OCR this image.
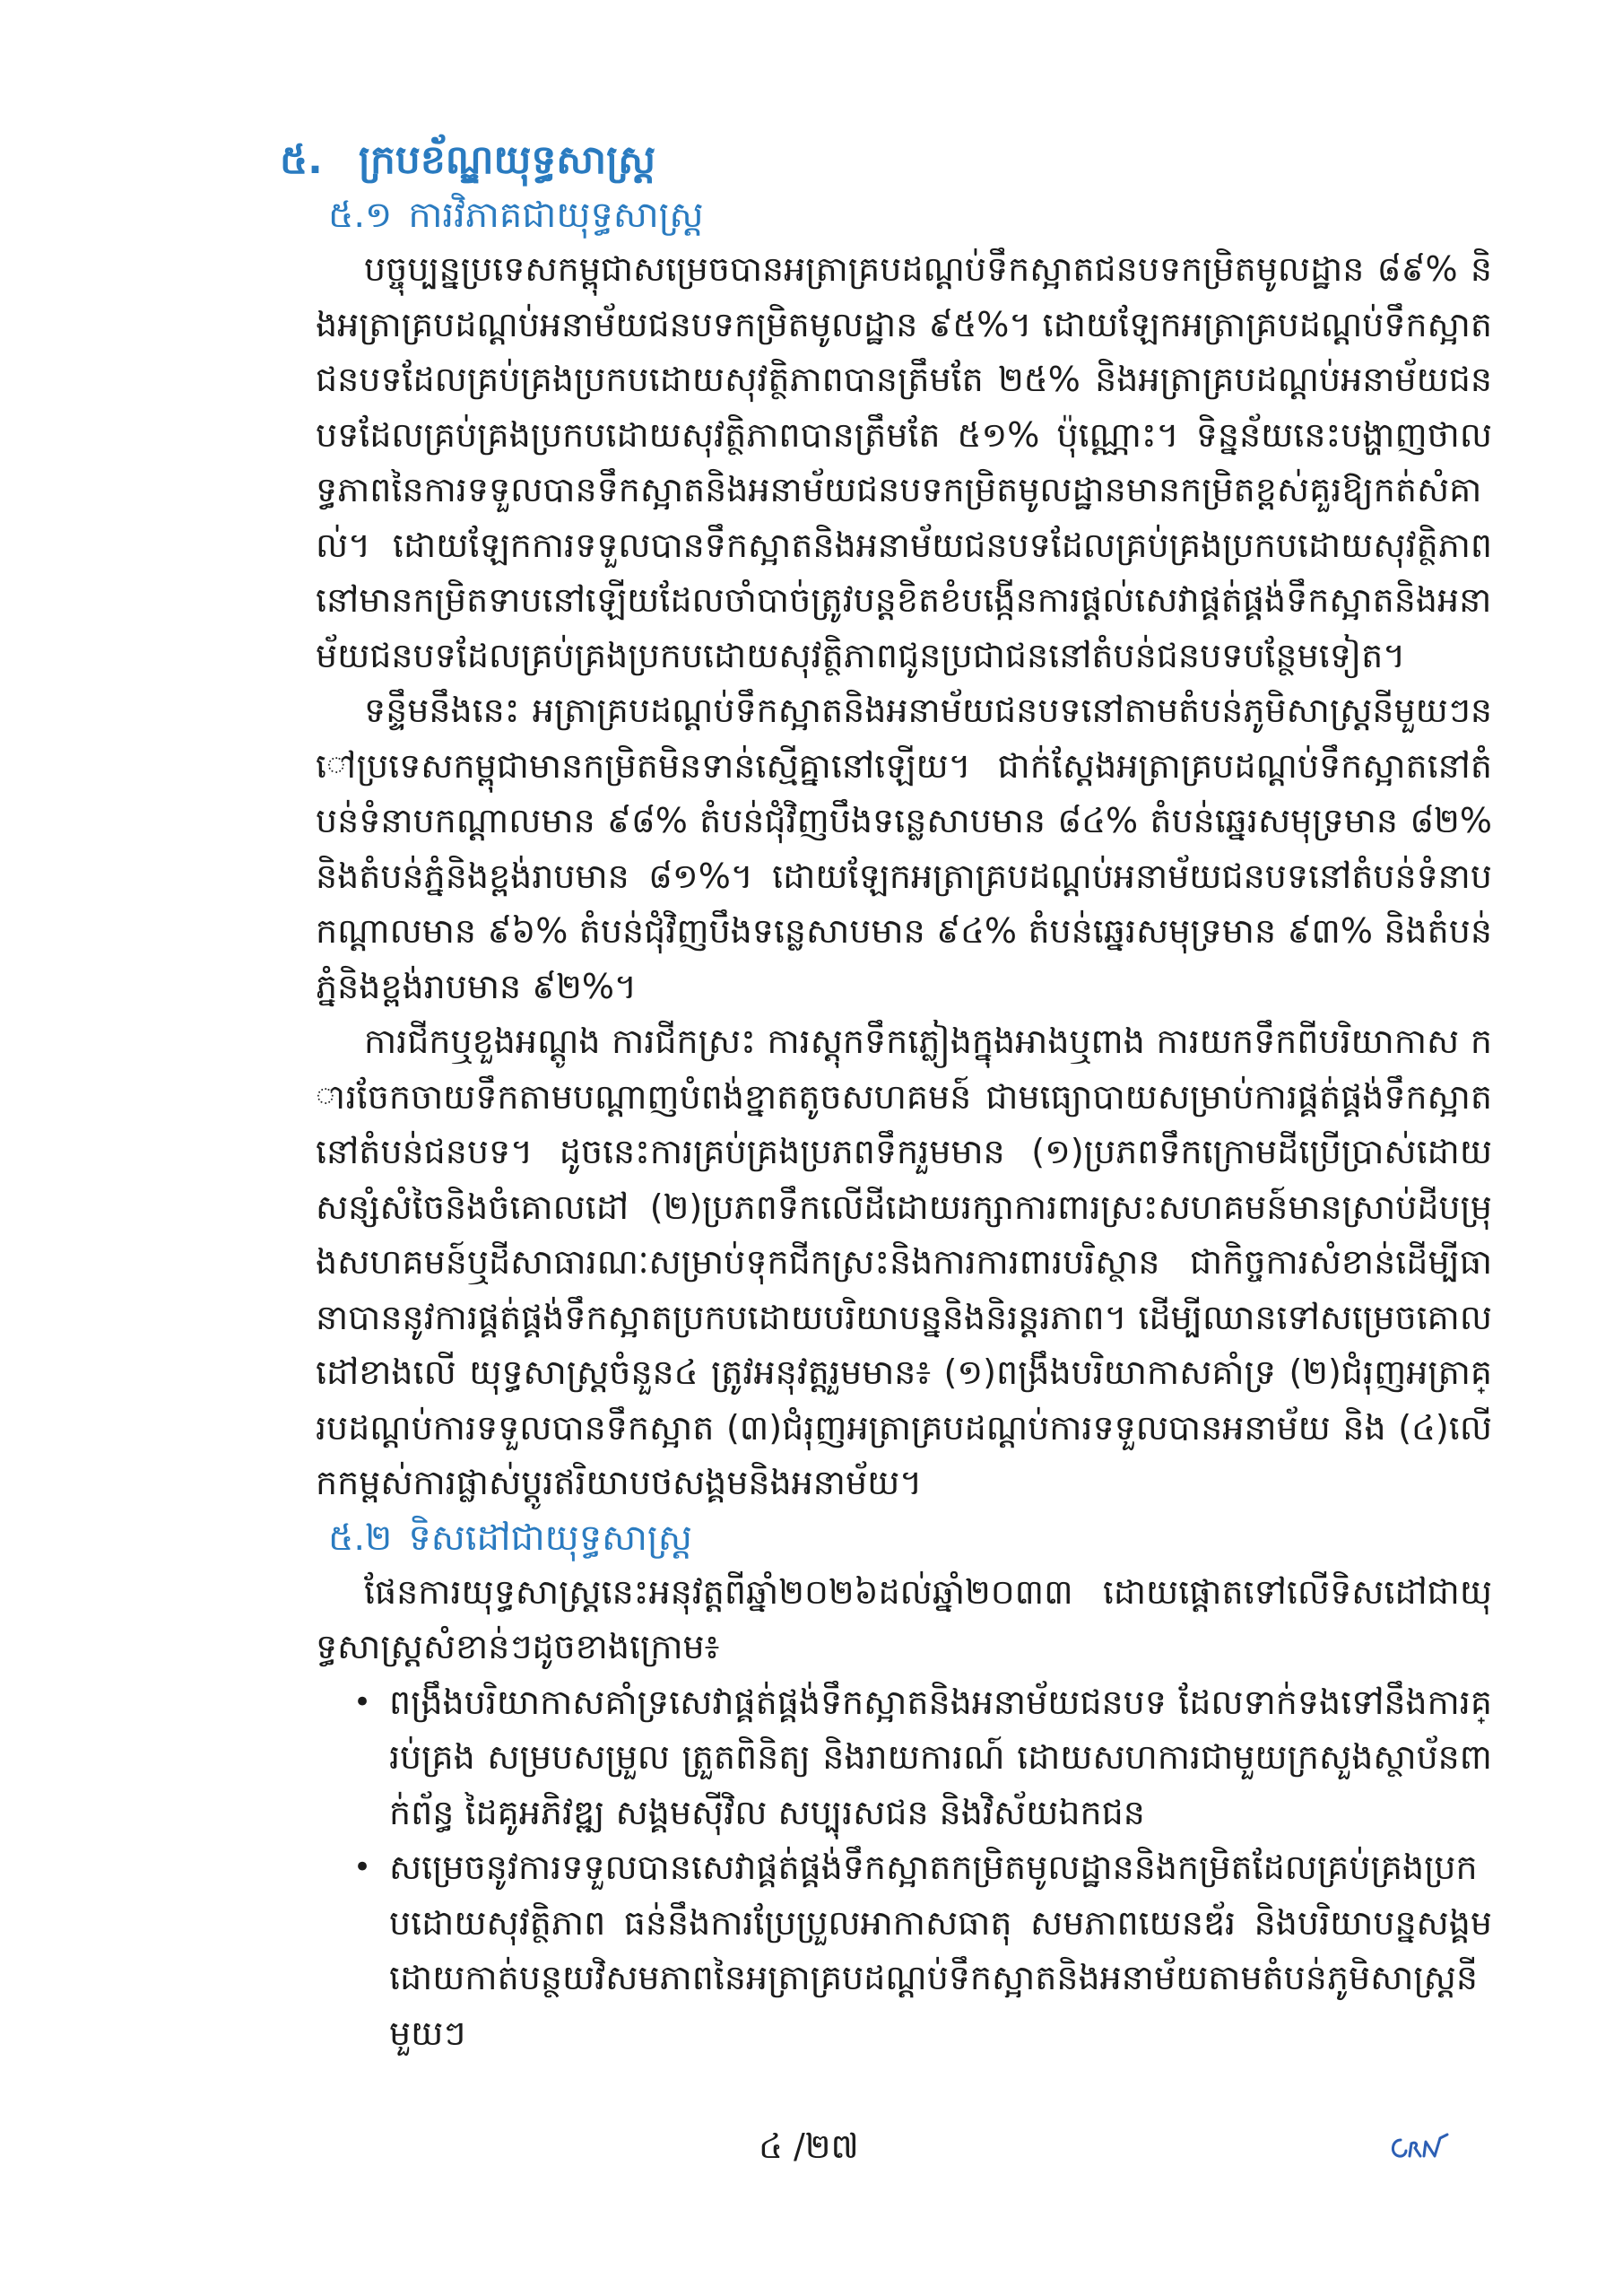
៥. ក្របខ័ណ្ឌយុទ្ធសាស្ត្រ
៥.១ ការវិភាគជាយុទ្ធសាស្ត្រ

បច្ចុប្បន្នប្រទេសកម្ពុជាសម្រេចបានអត្រាគ្របដណ្តប់ទឹកស្អាតជនបទកម្រិតមូលដ្ឋាន ៨៩% និងអត្រាគ្របដណ្តប់អនាម័យជនបទកម្រិតមូលដ្ឋាន ៩៥%។ ដោយឡែកអត្រាគ្របដណ្តប់ទឹកស្អាតជនបទដែលគ្រប់គ្រងប្រកបដោយសុវត្ថិភាពបានត្រឹមតែ ២៥% និងអត្រាគ្របដណ្តប់អនាម័យជនបទដែលគ្រប់គ្រងប្រកបដោយសុវត្ថិភាពបានត្រឹមតែ ៥១% ប៉ុណ្ណោះ។ ទិន្នន័យនេះបង្ហាញថាលទ្ធភាពនៃការទទួលបានទឹកស្អាតនិងអនាម័យជនបទកម្រិតមូលដ្ឋានមានកម្រិតខ្ពស់គួរឱ្យកត់សំគាល់។ ដោយឡែកការទទួលបានទឹកស្អាតនិងអនាម័យជនបទដែលគ្រប់គ្រងប្រកបដោយសុវត្ថិភាពនៅមានកម្រិតទាបនៅឡើយដែលចាំបាច់ត្រូវបន្តខិតខំបង្កើនការផ្តល់សេវាផ្គត់ផ្គង់ទឹកស្អាតនិងអនាម័យជនបទដែលគ្រប់គ្រងប្រកបដោយសុវត្ថិភាពជូនប្រជាជននៅតំបន់ជនបទបន្ថែមទៀត។

ទន្ទឹមនឹងនេះ អត្រាគ្របដណ្តប់ទឹកស្អាតនិងអនាម័យជនបទនៅតាមតំបន់ភូមិសាស្ត្រនីមួយៗនៅប្រទេសកម្ពុជាមានកម្រិតមិនទាន់ស្មើគ្នានៅឡើយ។ ជាក់ស្តែងអត្រាគ្របដណ្តប់ទឹកស្អាតនៅតំបន់ទំនាបកណ្តាលមាន ៩៨% តំបន់ជុំវិញបឹងទន្លេសាបមាន ៨៤% តំបន់ឆ្នេរសមុទ្រមាន ៨២% និងតំបន់ភ្នំនិងខ្ពង់រាបមាន ៨១%។ ដោយឡែកអត្រាគ្របដណ្តប់អនាម័យជនបទនៅតំបន់ទំនាបកណ្តាលមាន ៩៦% តំបន់ជុំវិញបឹងទន្លេសាបមាន ៩៤% តំបន់ឆ្នេរសមុទ្រមាន ៩៣% និងតំបន់ភ្នំនិងខ្ពង់រាបមាន ៩២%។

ការជីកឬខួងអណ្តូង ការជីកស្រះ ការស្តុកទឹកភ្លៀងក្នុងអាងឬពាង ការយកទឹកពីបរិយាកាស ការចែកចាយទឹកតាមបណ្តាញបំពង់ខ្នាតតូចសហគមន៍ ជាមធ្យោបាយសម្រាប់ការផ្គត់ផ្គង់ទឹកស្អាតនៅតំបន់ជនបទ។ ដូចនេះការគ្រប់គ្រងប្រភពទឹករួមមាន (១)ប្រភពទឹកក្រោមដីប្រើប្រាស់ដោយសន្សំសំចៃនិងចំគោលដៅ (២)ប្រភពទឹកលើដីដោយរក្សាការពារស្រះសហគមន៍មានស្រាប់ដីបម្រុងសហគមន៍ឬដីសាធារណៈសម្រាប់ទុកជីកស្រះនិងការការពារបរិស្ថាន ជាកិច្ចការសំខាន់ដើម្បីធានាបាននូវការផ្គត់ផ្គង់ទឹកស្អាតប្រកបដោយបរិយាបន្ននិងនិរន្តរភាព។ ដើម្បីឈានទៅសម្រេចគោលដៅខាងលើ យុទ្ធសាស្ត្រចំនួន៤ ត្រូវអនុវត្តរួមមាន៖ (១)ពង្រឹងបរិយាកាសគាំទ្រ (២)ជំរុញអត្រាគ្របដណ្តប់ការទទួលបានទឹកស្អាត (៣)ជំរុញអត្រាគ្របដណ្តប់ការទទួលបានអនាម័យ និង (៤)លើកកម្ពស់ការផ្លាស់ប្តូរឥរិយាបថសង្គមនិងអនាម័យ។

៥.២ ទិសដៅជាយុទ្ធសាស្ត្រ

ផែនការយុទ្ធសាស្ត្រនេះអនុវត្តពីឆ្នាំ២០២៦ដល់ឆ្នាំ២០៣៣ ដោយផ្តោតទៅលើទិសដៅជាយុទ្ធសាស្ត្រសំខាន់ៗដូចខាងក្រោម៖

• ពង្រឹងបរិយាកាសគាំទ្រសេវាផ្គត់ផ្គង់ទឹកស្អាតនិងអនាម័យជនបទ ដែលទាក់ទងទៅនឹងការគ្រប់គ្រង សម្របសម្រួល ត្រួតពិនិត្យ និងរាយការណ៍ ដោយសហការជាមួយក្រសួងស្ថាប័នពាក់ព័ន្ធ ដៃគូអភិវឌ្ឍ សង្គមស៊ីវិល សប្បុរសជន និងវិស័យឯកជន
• សម្រេចនូវការទទួលបានសេវាផ្គត់ផ្គង់ទឹកស្អាតកម្រិតមូលដ្ឋាននិងកម្រិតដែលគ្រប់គ្រងប្រកបដោយសុវត្ថិភាព ធន់នឹងការប្រែប្រួលអាកាសធាតុ សមភាពយេនឌ័រ និងបរិយាបន្នសង្គម ដោយកាត់បន្ថយវិសមភាពនៃអត្រាគ្របដណ្តប់ទឹកស្អាតនិងអនាម័យតាមតំបន់ភូមិសាស្ត្រនីមួយៗ
៤ /២៧
